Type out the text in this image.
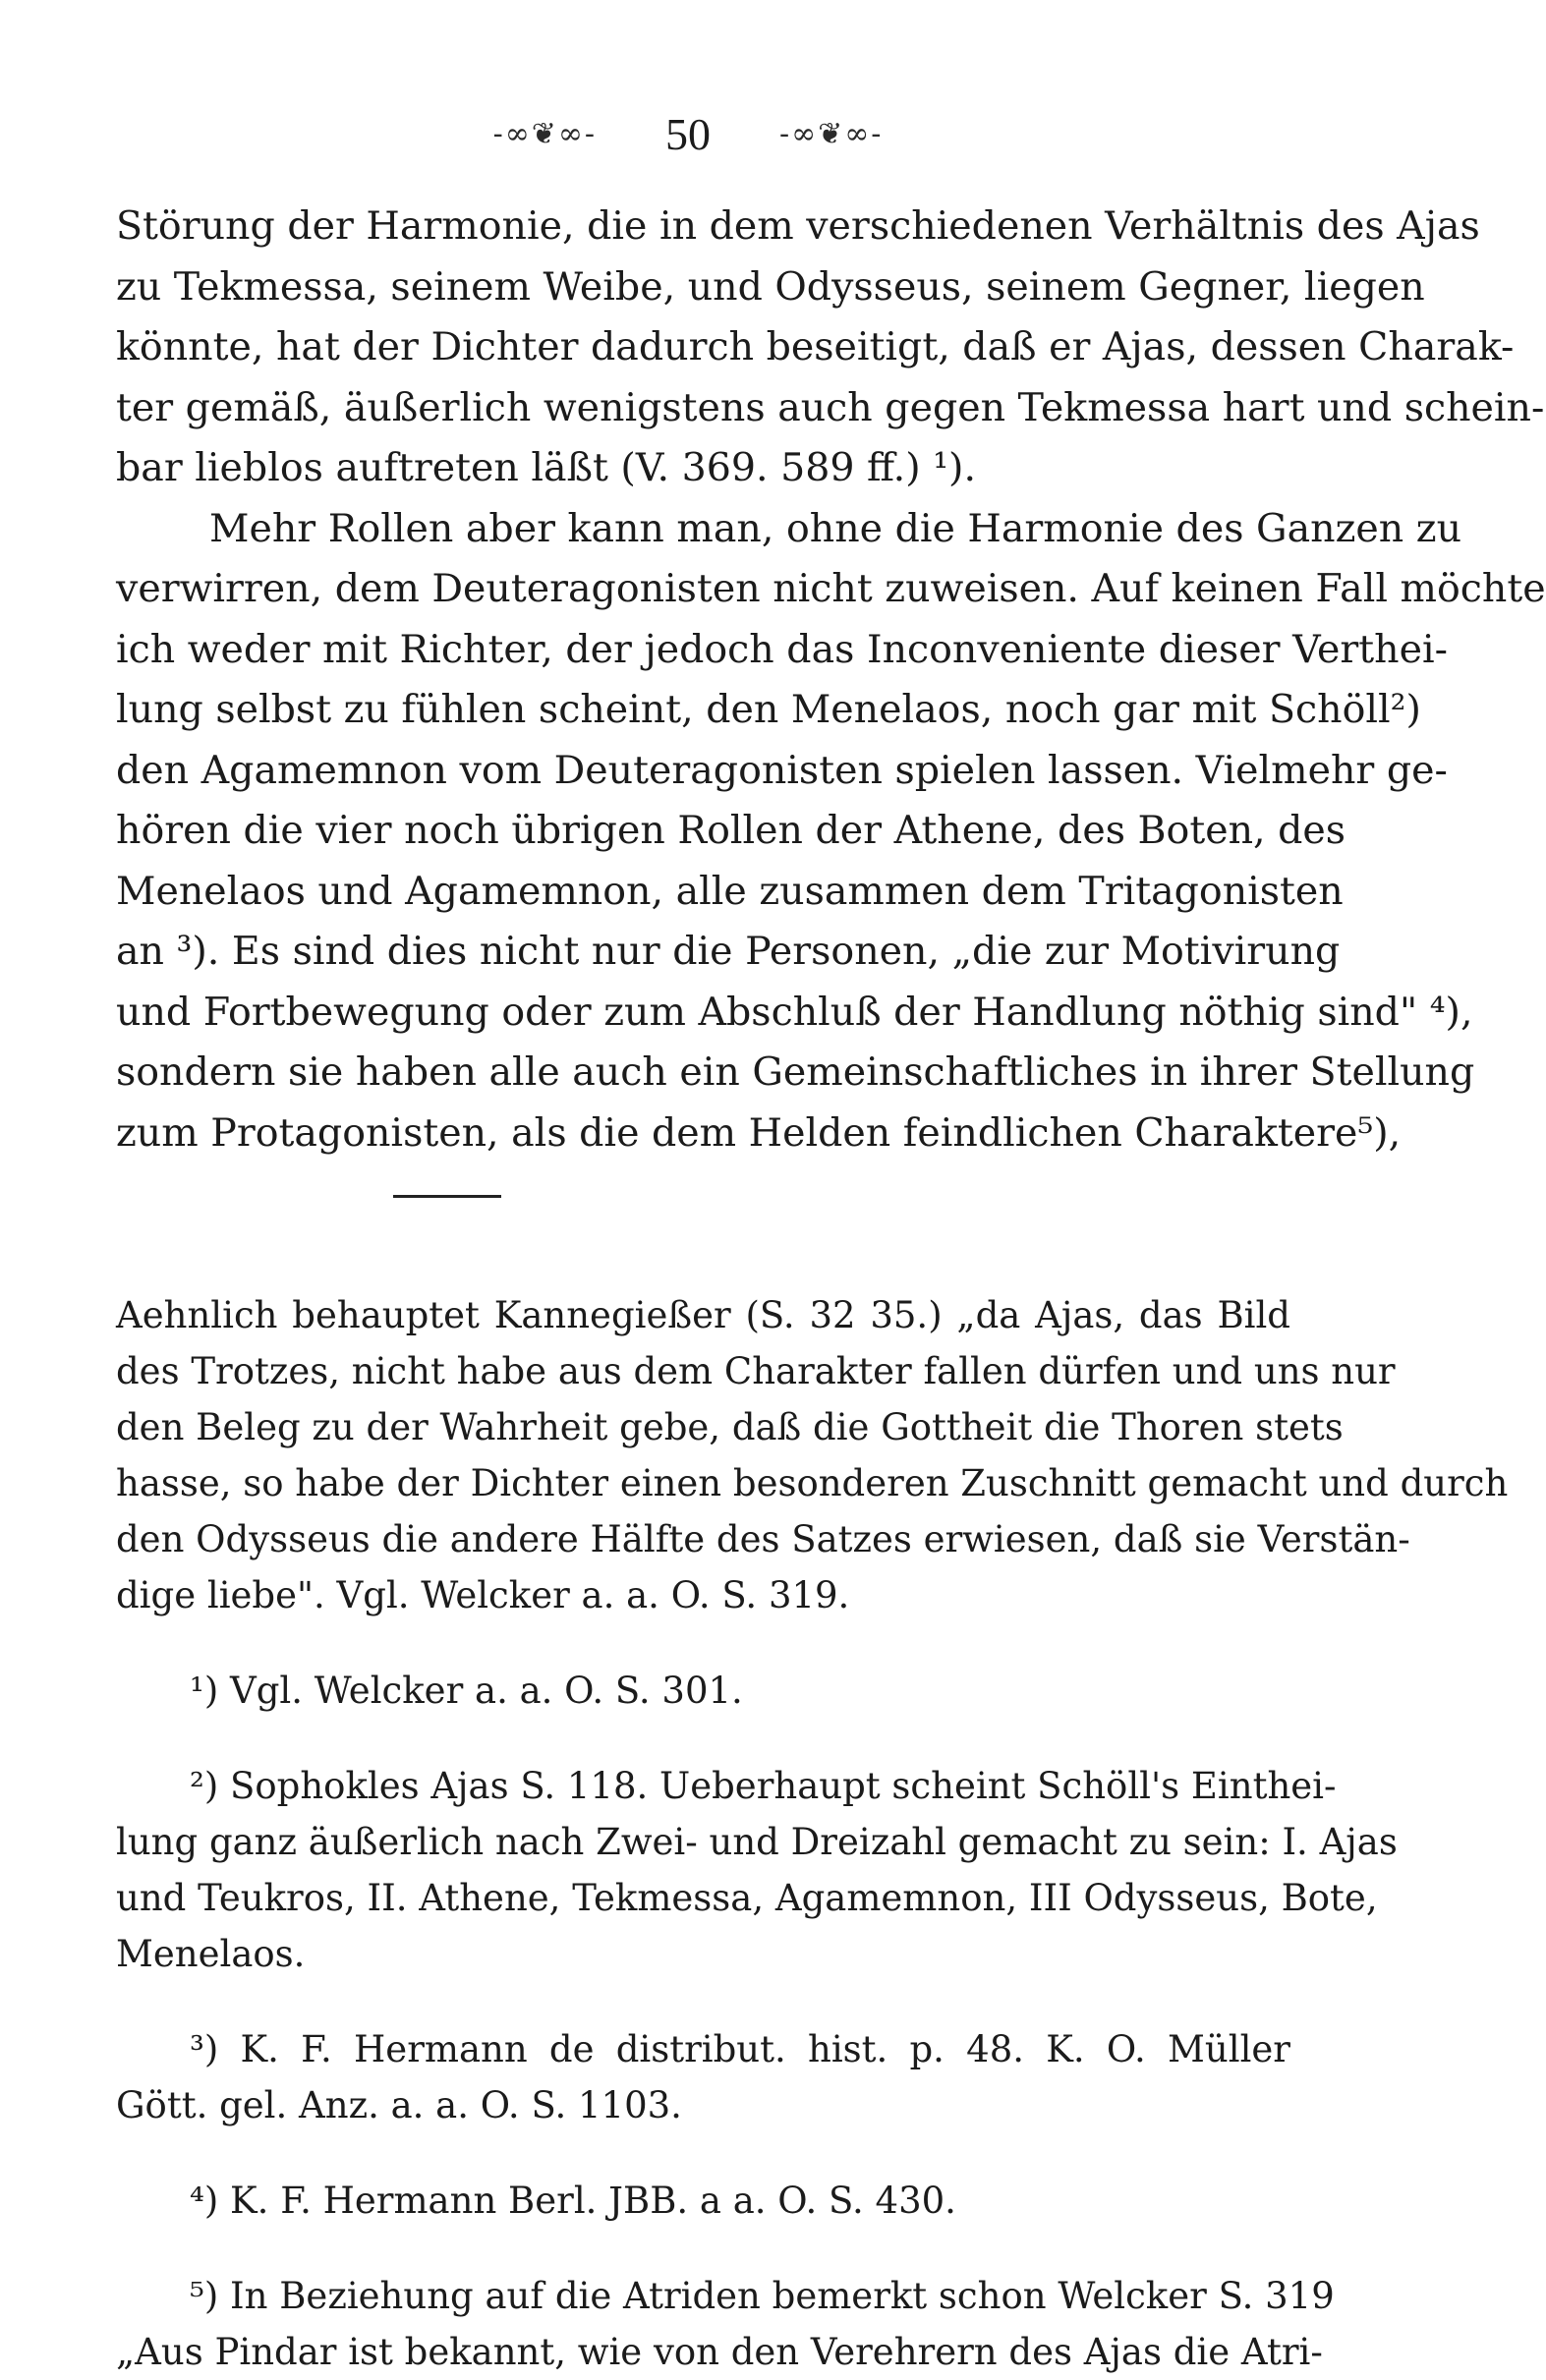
-∞❦∞- 50 -∞❦∞-
Störung der Harmonie, die in dem verschiedenen Verhältnis des Ajas
zu Tekmessa, seinem Weibe, und Odysseus, seinem Gegner, liegen
könnte, hat der Dichter dadurch beseitigt, daß er Ajas, dessen Charak-
ter gemäß, äußerlich wenigstens auch gegen Tekmessa hart und schein-
bar lieblos auftreten läßt (V. 369. 589 ff.) ¹).
Mehr Rollen aber kann man, ohne die Harmonie des Ganzen zu
verwirren, dem Deuteragonisten nicht zuweisen. Auf keinen Fall möchte
ich weder mit Richter, der jedoch das Inconveniente dieser Verthei-
lung selbst zu fühlen scheint, den Menelaos, noch gar mit Schöll²)
den Agamemnon vom Deuteragonisten spielen lassen. Vielmehr ge-
hören die vier noch übrigen Rollen der Athene, des Boten, des
Menelaos und Agamemnon, alle zusammen dem Tritagonisten
an ³). Es sind dies nicht nur die Personen, „die zur Motivirung
und Fortbewegung oder zum Abschluß der Handlung nöthig sind" ⁴),
sondern sie haben alle auch ein Gemeinschaftliches in ihrer Stellung
zum Protagonisten, als die dem Helden feindlichen Charaktere⁵),
Aehnlich behauptet Kannegießer (S. 32 35.) „da Ajas, das Bild
des Trotzes, nicht habe aus dem Charakter fallen dürfen und uns nur
den Beleg zu der Wahrheit gebe, daß die Gottheit die Thoren stets
hasse, so habe der Dichter einen besonderen Zuschnitt gemacht und durch
den Odysseus die andere Hälfte des Satzes erwiesen, daß sie Verstän-
dige liebe". Vgl. Welcker a. a. O. S. 319.
¹) Vgl. Welcker a. a. O. S. 301.
²) Sophokles Ajas S. 118. Ueberhaupt scheint Schöll's Einthei-
lung ganz äußerlich nach Zwei- und Dreizahl gemacht zu sein: I. Ajas
und Teukros, II. Athene, Tekmessa, Agamemnon, III Odysseus, Bote,
Menelaos.
³) K. F. Hermann de distribut. hist. p. 48. K. O. Müller
Gött. gel. Anz. a. a. O. S. 1103.
⁴) K. F. Hermann Berl. JBB. a a. O. S. 430.
⁵) In Beziehung auf die Atriden bemerkt schon Welcker S. 319
„Aus Pindar ist bekannt, wie von den Verehrern des Ajas die Atri-
